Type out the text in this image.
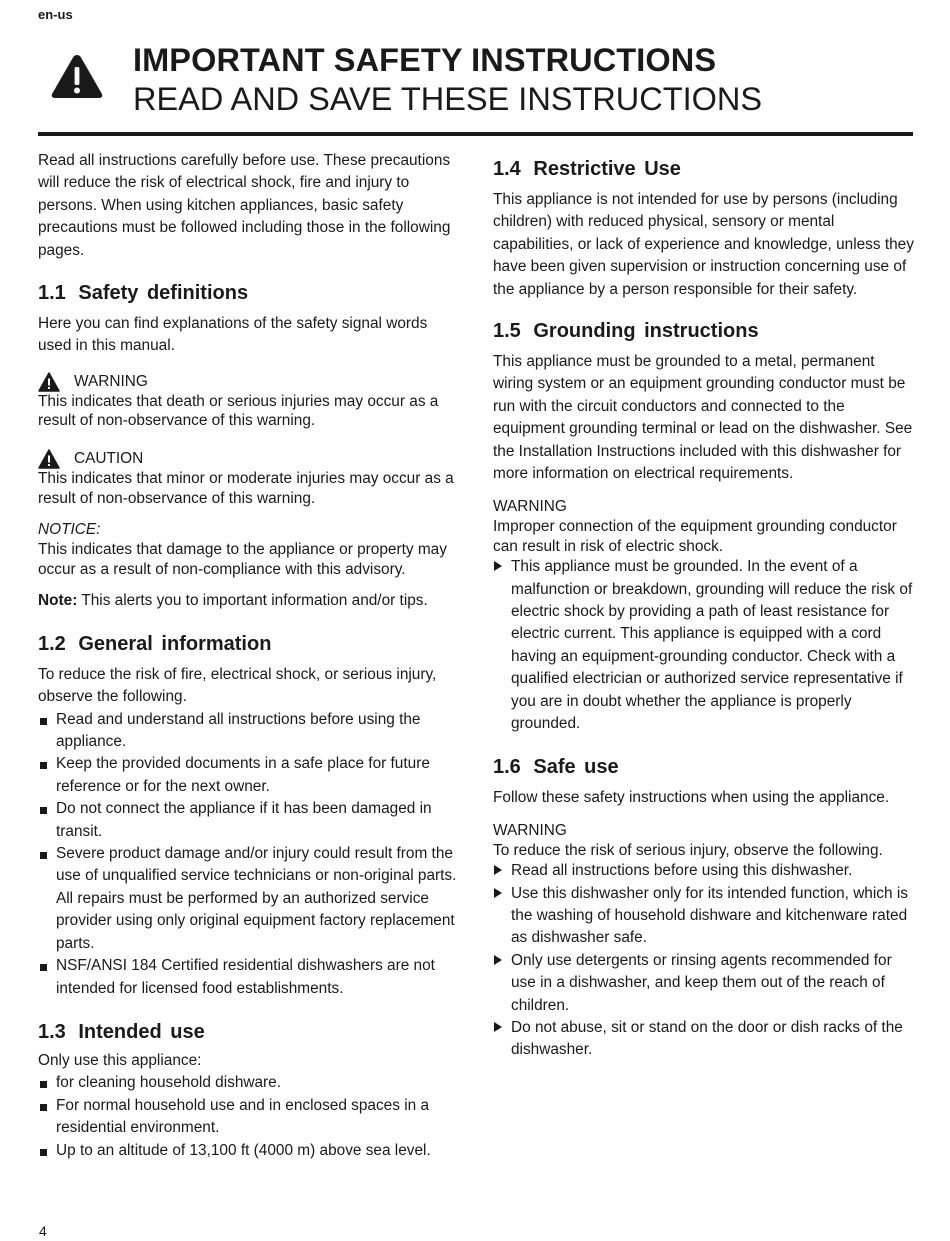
en-us
IMPORTANT SAFETY INSTRUCTIONS
READ AND SAVE THESE INSTRUCTIONS

Read all instructions carefully before use. These precautions will reduce the risk of electrical shock, fire and injury to persons. When using kitchen appliances, basic safety precautions must be followed including those in the following pages.

1.1 Safety definitions

Here you can find explanations of the safety signal words used in this manual.

WARNING

This indicates that death or serious injuries may occur as a result of non-observance of this warning.

CAUTION

This indicates that minor or moderate injuries may occur as a result of non-observance of this warning.

NOTICE:

This indicates that damage to the appliance or property may occur as a result of non-compliance with this advisory.

Note: This alerts you to important information and/or tips.

1.2 General information

To reduce the risk of fire, electrical shock, or serious injury, observe the following.

Read and understand all instructions before using the appliance.
Keep the provided documents in a safe place for future reference or for the next owner.
Do not connect the appliance if it has been damaged in transit.
Severe product damage and/or injury could result from the use of unqualified service technicians or non-original parts. All repairs must be performed by an authorized service provider using only original equipment factory replacement parts.
NSF/ANSI 184 Certified residential dishwashers are not intended for licensed food establishments.
1.3 Intended use

Only use this appliance:

for cleaning household dishware.
For normal household use and in enclosed spaces in a residential environment.
Up to an altitude of 13,100 ft (4000 m) above sea level.
1.4 Restrictive Use

This appliance is not intended for use by persons (including children) with reduced physical, sensory or mental capabilities, or lack of experience and knowledge, unless they have been given supervision or instruction concerning use of the appliance by a person responsible for their safety.

1.5 Grounding instructions

This appliance must be grounded to a metal, permanent wiring system or an equipment grounding conductor must be run with the circuit conductors and connected to the equipment grounding terminal or lead on the dishwasher. See the Installation Instructions included with this dishwasher for more information on electrical requirements.

WARNING

Improper connection of the equipment grounding conductor can result in risk of electric shock.

This appliance must be grounded. In the event of a malfunction or breakdown, grounding will reduce the risk of electric shock by providing a path of least resistance for electric current. This appliance is equipped with a cord having an equipment-grounding conductor. Check with a qualified electrician or authorized service representative if you are in doubt whether the appliance is properly grounded.
1.6 Safe use

Follow these safety instructions when using the appliance.

WARNING

To reduce the risk of serious injury, observe the following.

Read all instructions before using this dishwasher.
Use this dishwasher only for its intended function, which is the washing of household dishware and kitchenware rated as dishwasher safe.
Only use detergents or rinsing agents recommended for use in a dishwasher, and keep them out of the reach of children.
Do not abuse, sit or stand on the door or dish racks of the dishwasher.
4
